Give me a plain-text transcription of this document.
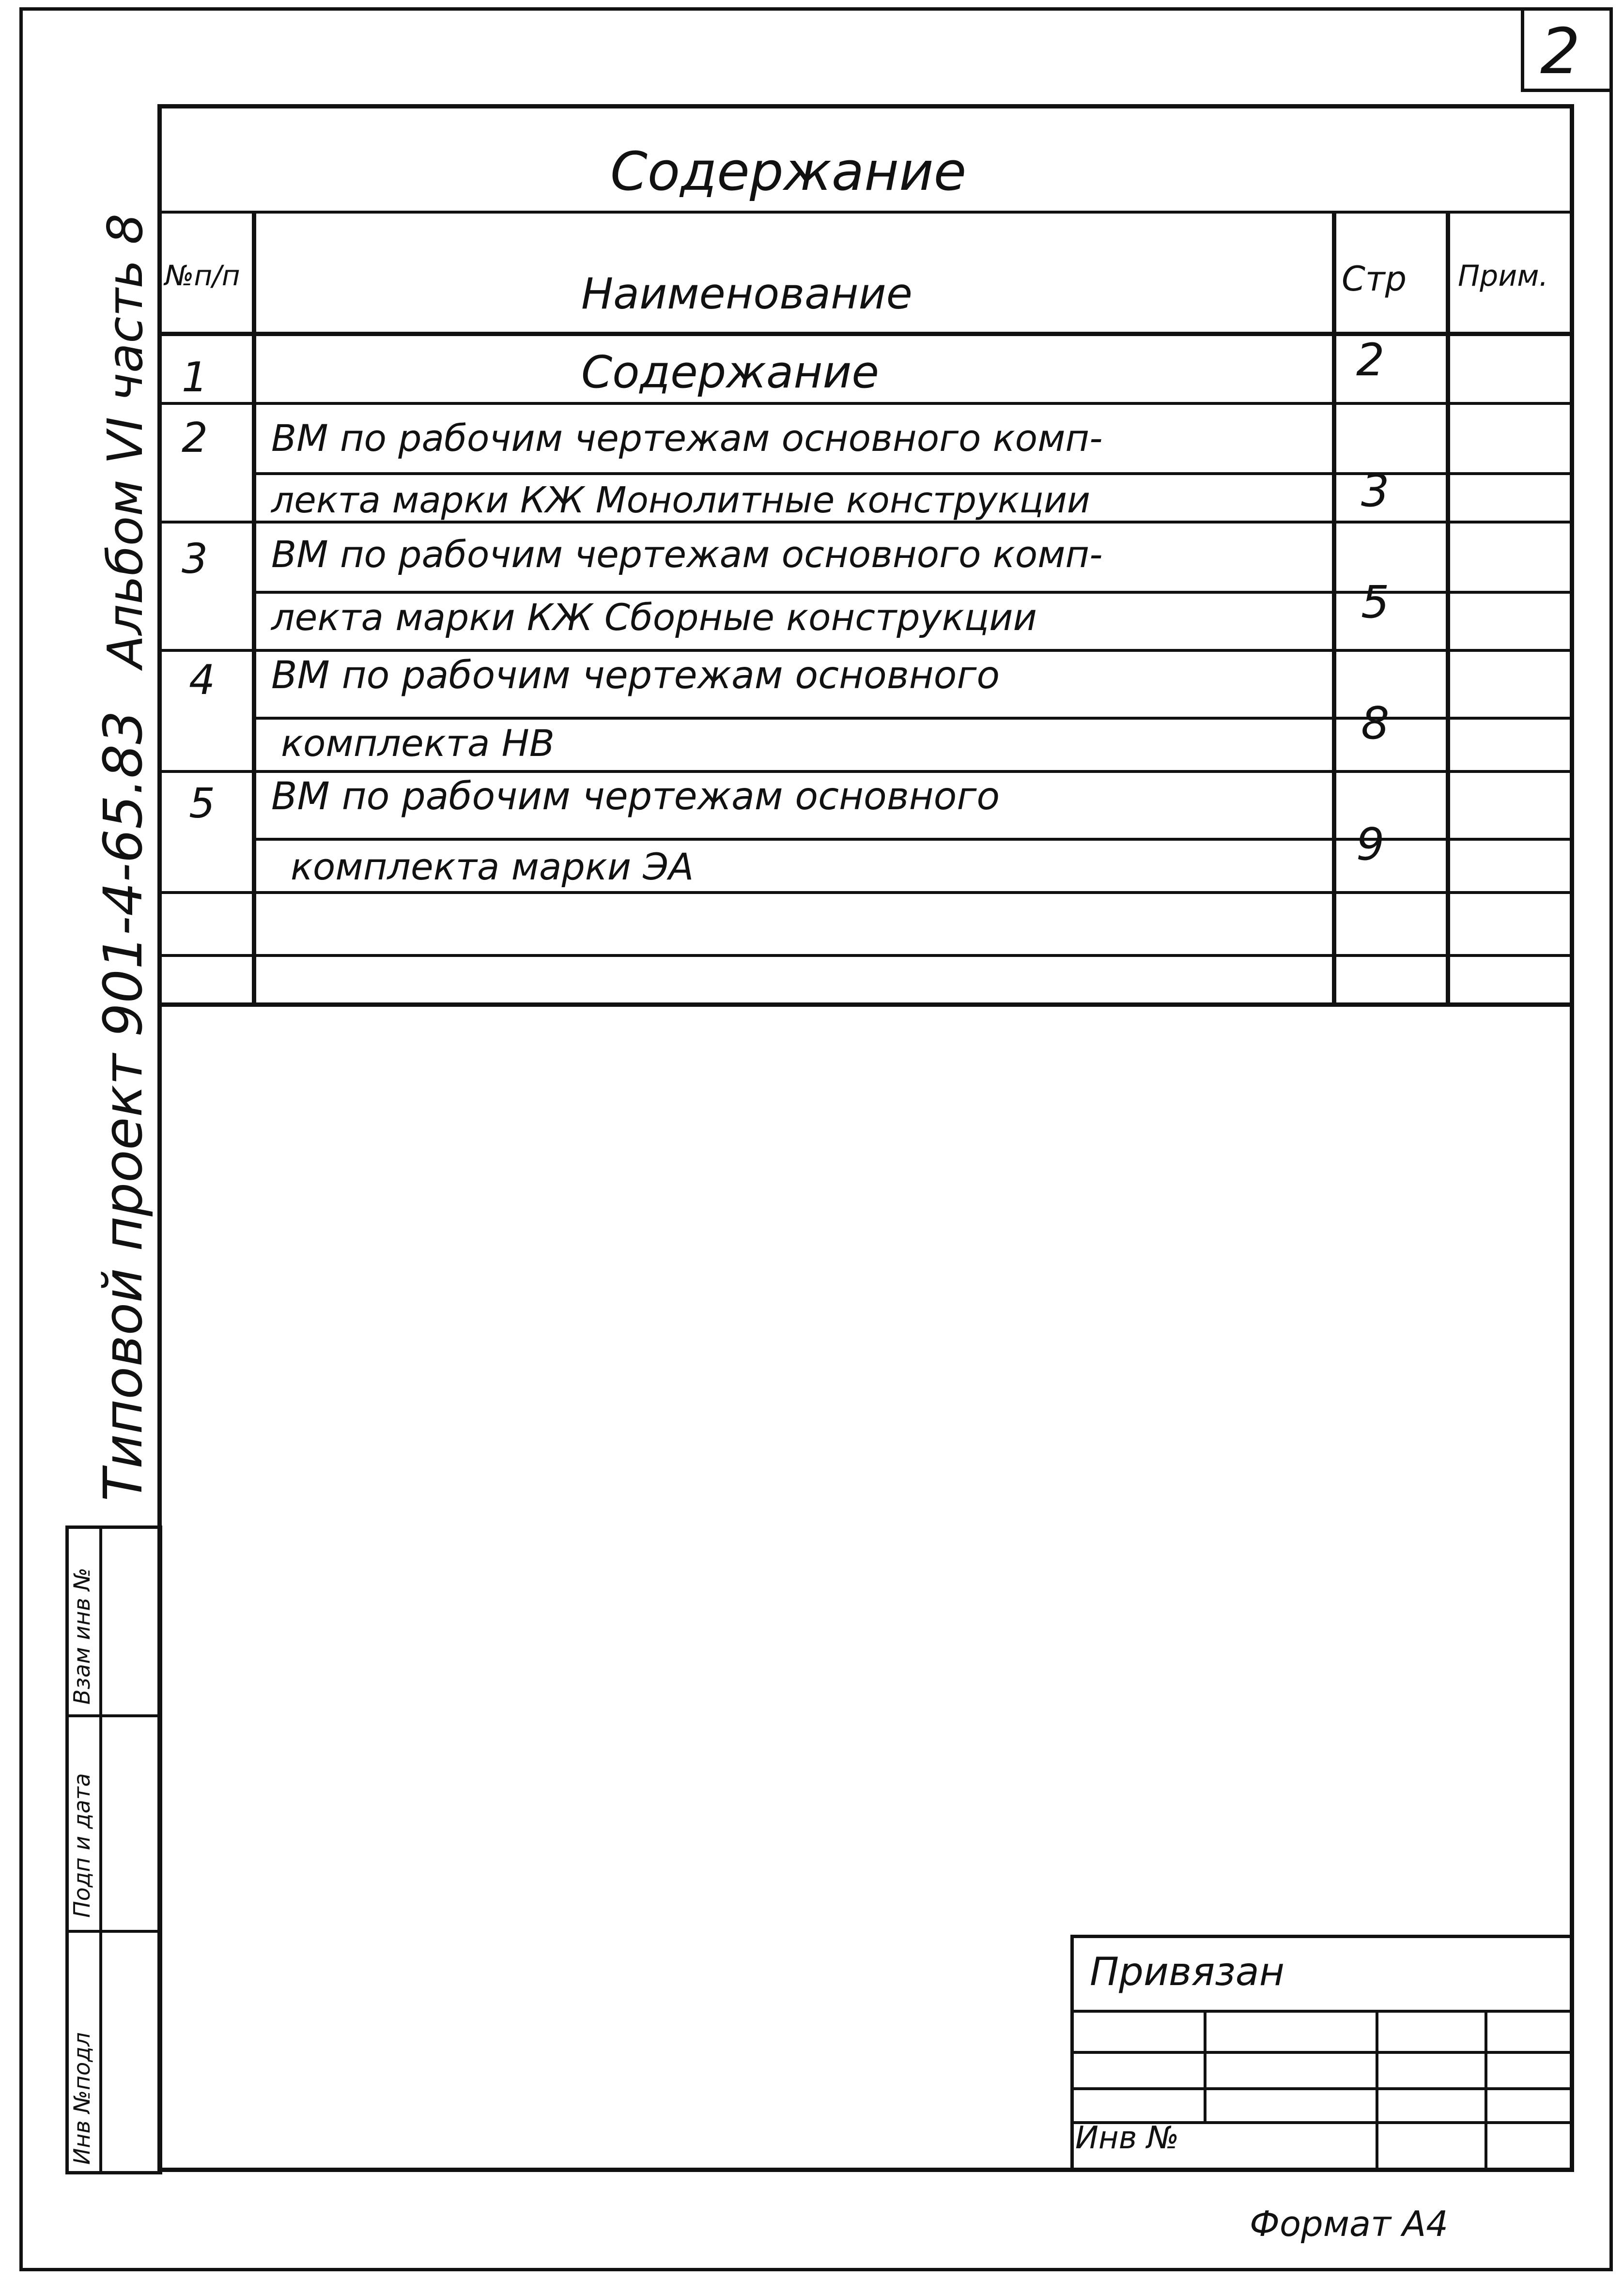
2
Содержание
№п/п	Наименование	Стр Прим.
1	Содержание	2
2 ВМ по рабочим чертежам основного комп-
лекта марки КЖ Монолитные конструкции	3
3 ВМ по рабочим чертежам основного комп-
лекта марки КЖ Сборные конструкции	5
4 ВМ по рабочим чертежам основного
комплекта НВ	8
5 ВМ по рабочим чертежам основного
комплекта марки ЭА	9
Альбом VI часть 8
Типовой проект 901-4-65.83
Взам инв №
Подп и дата
Инв №подл
Привязан
Инв №
Формат А4
